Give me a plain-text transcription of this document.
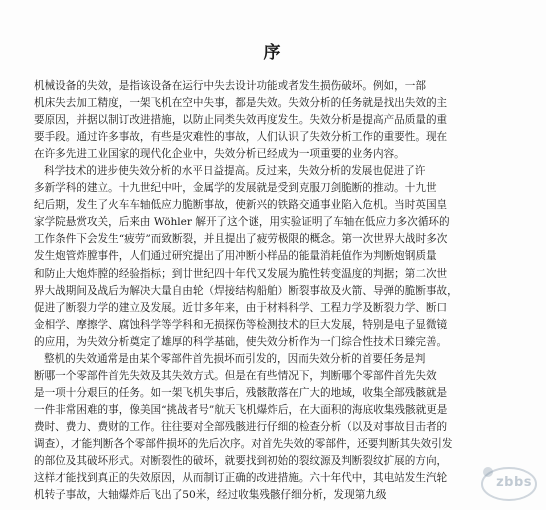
序
机械设备的失效，是指该设备在运行中失去设计功能或者发生损伤破坏。例如，一部
机床失去加工精度，一架飞机在空中失事，都是失效。失效分析的任务就是找出失效的主
要原因，并据以制订改进措施，以防止同类失效再度发生。失效分析是提高产品质量的重
要手段。通过许多事故，有些是灾难性的事故，人们认识了失效分析工作的重要性。现在
在许多先进工业国家的现代化企业中，失效分析已经成为一项重要的业务内容。
科学技术的进步使失效分析的水平日益提高。反过来，失效分析的发展也促进了许
多新学科的建立。十九世纪中叶，金属学的发展就是受到克服刀剑脆断的推动。十九世
纪后期，发生了火车车轴低应力脆断事故，使新兴的铁路交通事业陷入危机。当时英国皇
家学院悬赏攻关，后来由 Wöhler 解开了这个谜，用实验证明了车轴在低应力多次循环的
工作条件下会发生“疲劳”而致断裂，并且提出了疲劳极限的概念。第一次世界大战时多次
发生炮管炸膛事件，人们通过研究提出了用冲断小样品的能量消耗值作为判断炮钢质量
和防止大炮炸膛的经验指标；到廿世纪四十年代又发展为脆性转变温度的判据；第二次世
界大战期间及战后为解决大量自由轮（焊接结构船舶）断裂事故及火箭、导弹的脆断事故，
促进了断裂力学的建立及发展。近廿多年来，由于材料科学、工程力学及断裂力学、断口
金相学、摩擦学、腐蚀科学等学科和无损探伤等检测技术的巨大发展，特别是电子显微镜
的应用，为失效分析奠定了雄厚的科学基础，使失效分析作为一门综合性技术日臻完善。
整机的失效通常是由某个零部件首先损坏而引发的，因而失效分析的首要任务是判
断哪一个零部件首先失效及其失效方式。但是在有些情况下，判断哪个零部件首先失效
是一项十分艰巨的任务。如一架飞机失事后，残骸散落在广大的地域，收集全部残骸就是
一件非常困难的事，像美国“挑战者号”航天飞机爆炸后，在大面积的海底收集残骸就更是
费时、费力、费财的工作。往往要对全部残骸进行仔细的检查分析（以及对事故目击者的
调查），才能判断各个零部件损坏的先后次序。对首先失效的零部件，还要判断其失效引发
的部位及其破坏形式。对断裂性的破坏，就要找到初始的裂纹源及判断裂纹扩展的方向，
这样才能找到真正的失效原因，从而制订正确的改进措施。六十年代中，其电站发生汽轮
机转子事故，大轴爆炸后飞出了50米，经过收集残骸仔细分析，发现第九级
zbbs
